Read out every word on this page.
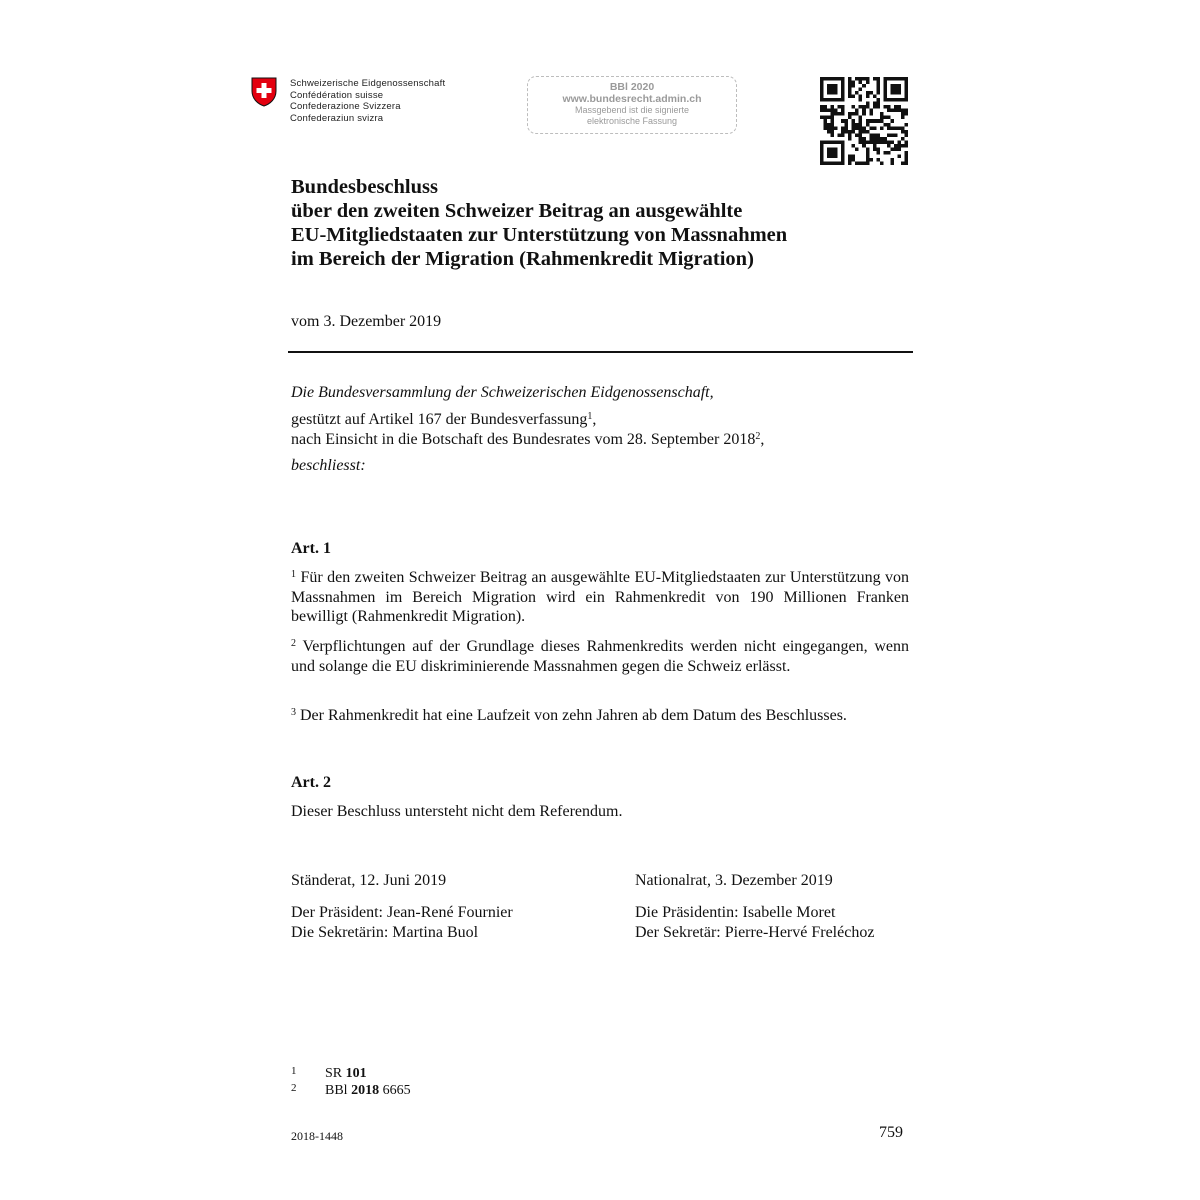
Schweizerische Eidgenossenschaft
Confédération suisse
Confederazione Svizzera
Confederaziun svizra
BBl 2020
www.bundesrecht.admin.ch
Massgebend ist die signierte
elektronische Fassung
Bundesbeschluss
über den zweiten Schweizer Beitrag an ausgewählte
EU-Mitgliedstaaten zur Unterstützung von Massnahmen
im Bereich der Migration (Rahmenkredit Migration)
vom 3. Dezember 2019
Die Bundesversammlung der Schweizerischen Eidgenossenschaft,
gestützt auf Artikel 167 der Bundesverfassung$^1$,
nach Einsicht in die Botschaft des Bundesrates vom 28. September 2018$^2$,
beschliesst:
Art. 1
$^1$ Für den zweiten Schweizer Beitrag an ausgewählte EU-Mitgliedstaaten zur Unterstützung von Massnahmen im Bereich Migration wird ein Rahmenkredit von 190 Millionen Franken bewilligt (Rahmenkredit Migration).
$^2$ Verpflichtungen auf der Grundlage dieses Rahmenkredits werden nicht eingegangen, wenn und solange die EU diskriminierende Massnahmen gegen die Schweiz erlässt.
$^3$ Der Rahmenkredit hat eine Laufzeit von zehn Jahren ab dem Datum des Beschlusses.
Art. 2
Dieser Beschluss untersteht nicht dem Referendum.
Ständerat, 12. Juni 2019
Der Präsident: Jean-René Fournier
Die Sekretärin: Martina Buol
Nationalrat, 3. Dezember 2019
Die Präsidentin: Isabelle Moret
Der Sekretär: Pierre-Hervé Freléchoz
1 SR 101
2 BBl 2018 6665
2018-1448	759
